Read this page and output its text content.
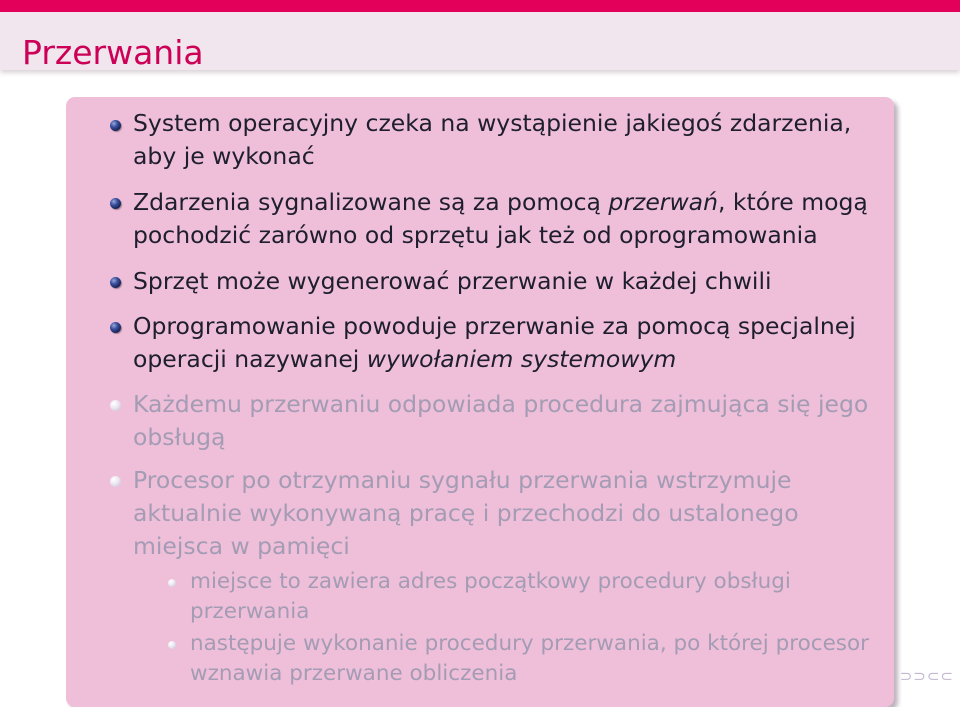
Przerwania
System operacyjny czeka na wystąpienie jakiegoś zdarzenia, aby je wykonać
Zdarzenia sygnalizowane są za pomocą przerwań, które mogą pochodzić zarówno od sprzętu jak też od oprogramowania
Sprzęt może wygenerować przerwanie w każdej chwili
Oprogramowanie powoduje przerwanie za pomocą specjalnej operacji nazywanej wywołaniem systemowym
Każdemu przerwaniu odpowiada procedura zajmująca się jego obsługą
Procesor po otrzymaniu sygnału przerwania wstrzymuje aktualnie wykonywaną pracę i przechodzi do ustalonego miejsca w pamięci
miejsce to zawiera adres początkowy procedury obsługi przerwania
następuje wykonanie procedury przerwania, po której procesor wznawia przerwane obliczenia	⊃⊃⊂⊂
